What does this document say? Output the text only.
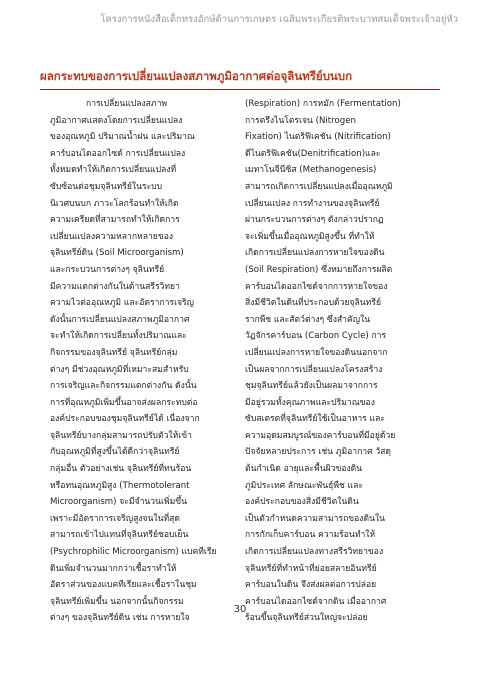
โครงการหนังสือเด็กทรงอักษ์ด้านการเกษตร เฉลิมพระเกียรติพระบาทสมเด็จพระเจ้าอยู่หัว
ผลกระทบของการเปลี่ยนแปลงสภาพภูมิอากาศต่อจุลินทรีย์บนบก
การเปลี่ยนแปลงสภาพ
ภูมิอากาศแสดงโดยการเปลี่ยนแปลง
ของอุณหภูมิ ปริมาณน้ำฝน และปริมาณ
คาร์บอนไดออกไซด์ การเปลี่ยนแปลง
ทั้งหมดทำให้เกิดการเปลี่ยนแปลงที่
ซับซ้อนต่อชุมจุลินทรีย์ในระบบ
นิเวศบนบก ภาวะโลกร้อนทำให้เกิด
ความเครียดที่สามารถทำให้เกิดการ
เปลี่ยนแปลงความหลากหลายของ
จุลินทรีย์ดิน (Soil Microorganism)
และกระบวนการต่างๆ จุลินทรีย์
มีความแตกต่างกันในด้านสรีรวิทยา
ความไวต่ออุณหภูมิ และอัตราการเจริญ
ดังนั้นการเปลี่ยนแปลงสภาพภูมิอากาศ
จะทำให้เกิดการเปลี่ยนทั้งปริมาณและ
กิจกรรมของจุลินทรีย์ จุลินทรีย์กลุ่ม
ต่างๆ มีช่วงอุณหภูมิที่เหมาะสมสำหรับ
การเจริญและกิจกรรมแตกต่างกัน ดังนั้น
การที่อุณหภูมิเพิ่มขึ้นอาจส่งผลกระทบต่อ
องค์ประกอบของชุมจุลินทรีย์ได้ เนื่องจาก
จุลินทรีย์บางกลุ่มสามารถปรับตัวให้เข้า
กับอุณหภูมิที่สูงขึ้นได้ดีกว่าจุลินทรีย์
กลุ่มอื่น ตัวอย่างเช่น จุลินทรีย์ที่ทนร้อน
หรือทนอุณหภูมิสูง (Thermotolerant
Microorganism) จะมีจำนวนเพิ่มขึ้น
เพราะมีอัตราการเจริญสูงจนในที่สุด
สามารถเข้าไปแทนที่จุลินทรีย์ชอบเย็น
(Psychrophilic Microorganism) แบคทีเรีย
ดินเพิ่มจำนวนมากกว่าเชื้อราทำให้
อัตราส่วนของแบคทีเรียและเชื้อราในชุม
จุลินทรีย์เพิ่มขึ้น นอกจากนั้นกิจกรรม
ต่างๆ ของจุลินทรีย์ดิน เช่น การหายใจ
(Respiration) การหมัก (Fermentation)
การตรึงไนโตรเจน (Nitrogen
Fixation) ไนตริฟิเคชัน (Nitrification)
ดีไนตริฟิเคชัน(Denitrification)และ
เมทาโนจีนีซิส (Methanogenesis)
สามารถเกิดการเปลี่ยนแปลงเมื่ออุณหภูมิ
เปลี่ยนแปลง การทำงานของจุลินทรีย์
ผ่านกระบวนการต่างๆ ดังกล่าวปรากฏ
จะเพิ่มขึ้นเมื่ออุณหภูมิสูงขึ้น ที่ทำให้
เกิดการเปลี่ยนแปลงการหายใจของดิน
(Soil Respiration) ซึ่งหมายถึงการผลิต
คาร์บอนไดออกไซด์จากการหายใจของ
สิ่งมีชีวิตในดินที่ประกอบด้วยจุลินทรีย์
รากพืช และสัตว์ต่างๆ ซึ่งสำคัญใน
วัฏจักรคาร์บอน (Carbon Cycle) การ
เปลี่ยนแปลงการหายใจของดินนอกจาก
เป็นผลจากการเปลี่ยนแปลงโครงสร้าง
ชุมจุลินทรีย์แล้วยังเป็นผลมาจากการ
มีอยู่รวมทั้งคุณภาพและปริมาณของ
ซับสเตรตที่จุลินทรีย์ใช้เป็นอาหาร และ
ความอุดมสมบูรณ์ของคาร์บอนที่มีอยู่ด้วย
ปัจจัยหลายประการ เช่น ภูมิอากาศ วัสดุ
ต้นกำเนิด อายุและพื้นผิวของดิน
ภูมิประเทศ ลักษณะพันธุ์พืช และ
องค์ประกอบของสิ่งมีชีวิตในดิน
เป็นตัวกำหนดความสามารถของดินใน
การกักเก็บคาร์บอน ความร้อนทำให้
เกิดการเปลี่ยนแปลงทางสรีรวิทยาของ
จุลินทรีย์ที่ทำหน้าที่ย่อยสลายอินทรีย์
คาร์บอนในดิน จึงส่งผลต่อการปล่อย
คาร์บอนไดออกไซด์จากดิน เมื่ออากาศ
ร้อนขึ้นจุลินทรีย์ส่วนใหญ่จะปล่อย
30
